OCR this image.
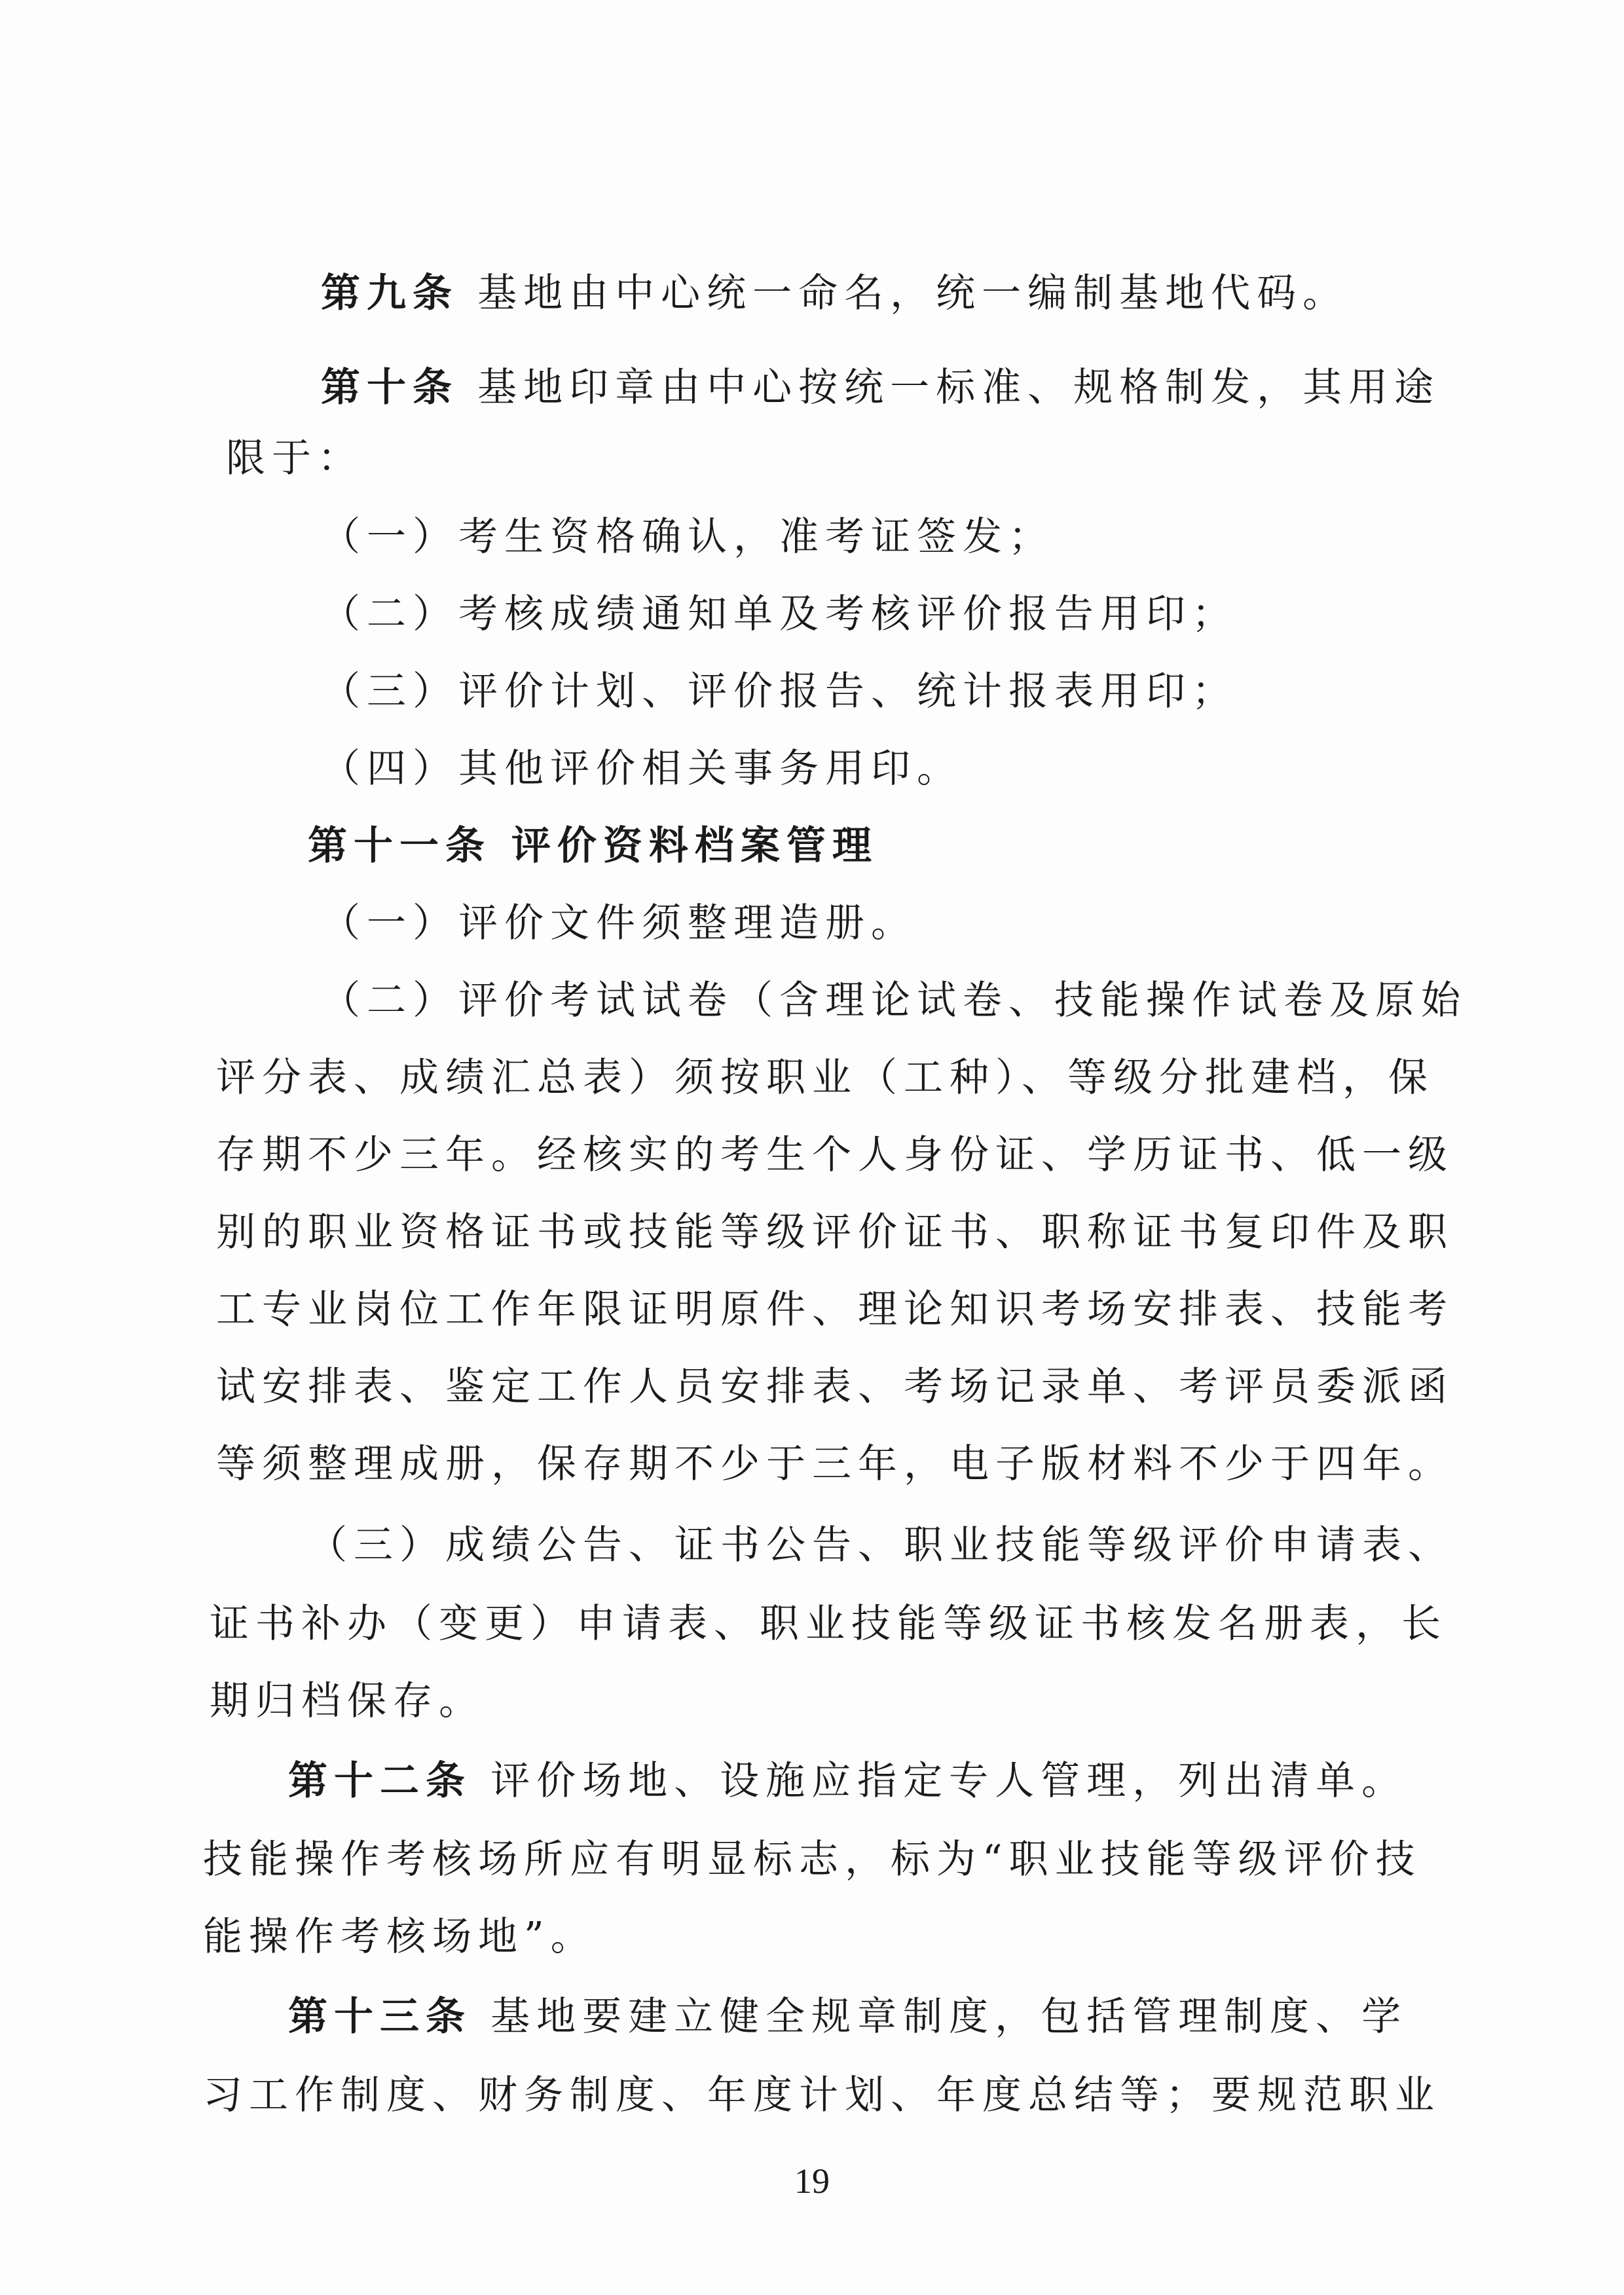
第九条 基地由中心统一命名，统一编制基地代码。
第十条 基地印章由中心按统一标准、规格制发，其用途
限于：
（一）考生资格确认，准考证签发；
（二）考核成绩通知单及考核评价报告用印；
（三）评价计划、评价报告、统计报表用印；
（四）其他评价相关事务用印。
第十一条 评价资料档案管理
（一）评价文件须整理造册。
（二）评价考试试卷（含理论试卷、技能操作试卷及原始
评分表、成绩汇总表）须按职业（工种）、等级分批建档，保
存期不少三年。经核实的考生个人身份证、学历证书、低一级
别的职业资格证书或技能等级评价证书、职称证书复印件及职
工专业岗位工作年限证明原件、理论知识考场安排表、技能考
试安排表、鉴定工作人员安排表、考场记录单、考评员委派函
等须整理成册，保存期不少于三年，电子版材料不少于四年。
（三）成绩公告、证书公告、职业技能等级评价申请表、
证书补办（变更）申请表、职业技能等级证书核发名册表，长
期归档保存。
第十二条 评价场地、设施应指定专人管理，列出清单。
技能操作考核场所应有明显标志，标为“职业技能等级评价技
能操作考核场地”。
第十三条 基地要建立健全规章制度，包括管理制度、学
习工作制度、财务制度、年度计划、年度总结等；要规范职业
19
